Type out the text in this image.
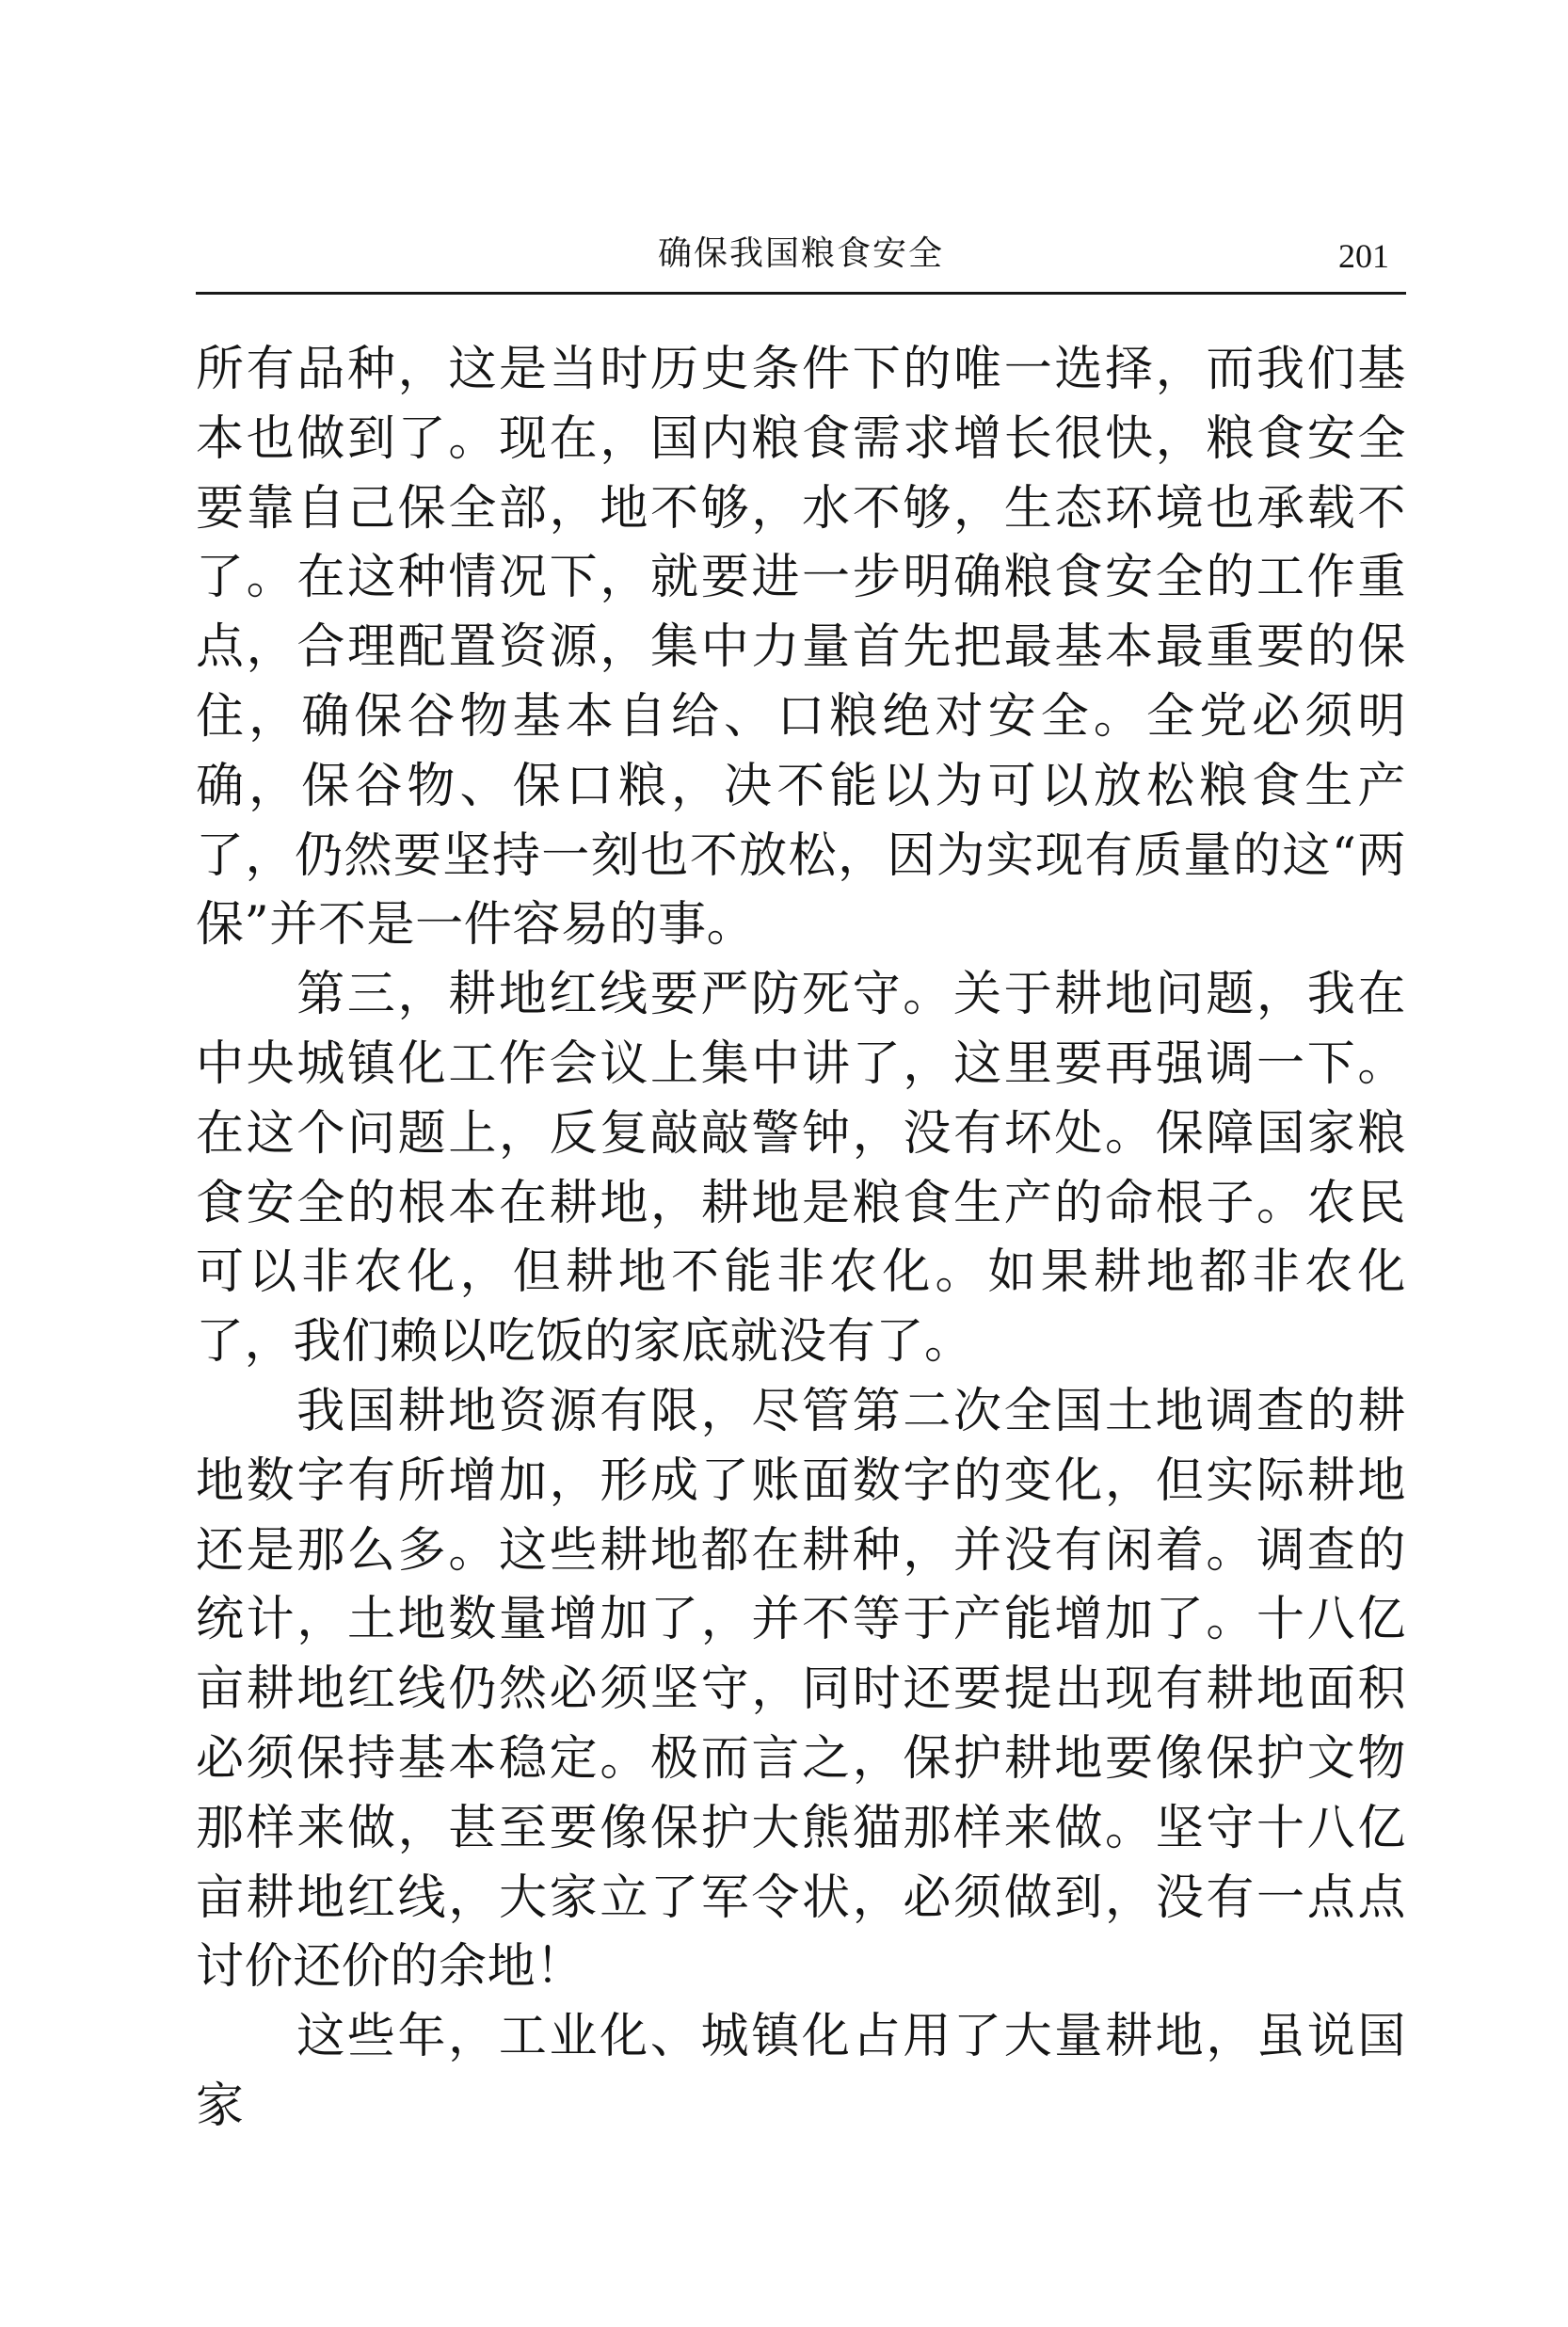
确保我国粮食安全	201

所有品种，这是当时历史条件下的唯一选择，而我们基本也做到了。现在，国内粮食需求增长很快，粮食安全要靠自己保全部，地不够，水不够，生态环境也承载不了。在这种情况下，就要进一步明确粮食安全的工作重点，合理配置资源，集中力量首先把最基本最重要的保住，确保谷物基本自给、口粮绝对安全。全党必须明确，保谷物、保口粮，决不能以为可以放松粮食生产了，仍然要坚持一刻也不放松，因为实现有质量的这“两保”并不是一件容易的事。

第三，耕地红线要严防死守。关于耕地问题，我在中央城镇化工作会议上集中讲了，这里要再强调一下。在这个问题上，反复敲敲警钟，没有坏处。保障国家粮食安全的根本在耕地，耕地是粮食生产的命根子。农民可以非农化，但耕地不能非农化。如果耕地都非农化了，我们赖以吃饭的家底就没有了。

我国耕地资源有限，尽管第二次全国土地调查的耕地数字有所增加，形成了账面数字的变化，但实际耕地还是那么多。这些耕地都在耕种，并没有闲着。调查的统计，土地数量增加了，并不等于产能增加了。十八亿亩耕地红线仍然必须坚守，同时还要提出现有耕地面积必须保持基本稳定。极而言之，保护耕地要像保护文物那样来做，甚至要像保护大熊猫那样来做。坚守十八亿亩耕地红线，大家立了军令状，必须做到，没有一点点讨价还价的余地！

这些年，工业化、城镇化占用了大量耕地，虽说国家
